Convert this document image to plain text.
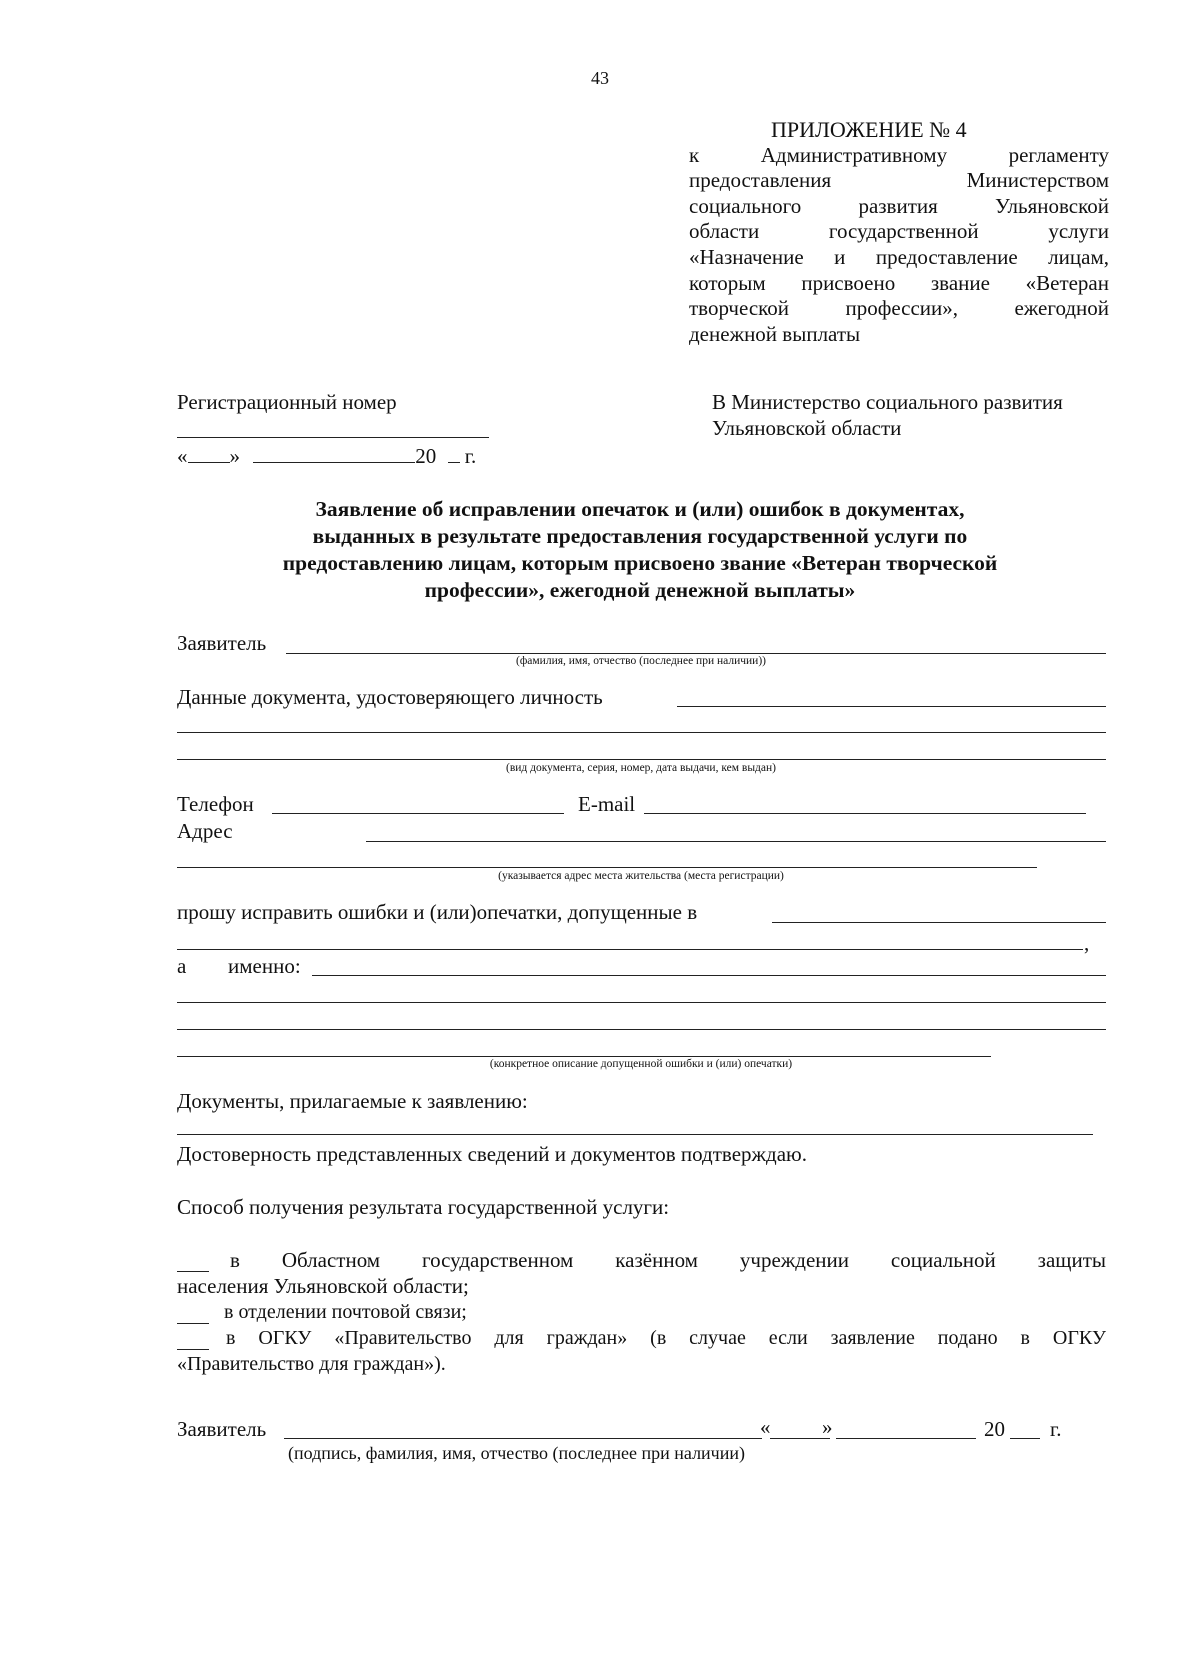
43
ПРИЛОЖЕНИЕ № 4

к Административному регламенту

предоставления Министерством

социального развития Ульяновской

области государственной услуги

«Назначение и предоставление лицам,

которым присвоено звание «Ветеран

творческой профессии», ежегодной

денежной выплаты

Регистрационный номер
« »	20 г.
В Министерство социального развития
Ульяновской области
Заявление об исправлении опечаток и (или) ошибок в документах,
выданных в результате предоставления государственной услуги по
предоставлению лицам, которым присвоено звание «Ветеран творческой
профессии», ежегодной денежной выплаты»
Заявитель
(фамилия, имя, отчество (последнее при наличии))
Данные документа, удостоверяющего личность
(вид документа, серия, номер, дата выдачи, кем выдан)
Телефон	E-mail
Адрес
(указывается адрес места жительства (места регистрации)
прошу исправить ошибки и (или)опечатки, допущенные в
,
а именно:
(конкретное описание допущенной ошибки и (или) опечатки)
Документы, прилагаемые к заявлению:
Достоверность представленных сведений и документов подтверждаю.
Способ получения результата государственной услуги:
в Областном государственном казённом учреждении социальной защиты
населения Ульяновской области;
в отделении почтовой связи;
в ОГКУ «Правительство для граждан» (в случае если заявление подано в ОГКУ
«Правительство для граждан»).
Заявитель	« »	20 г.
(подпись, фамилия, имя, отчество (последнее при наличии)
